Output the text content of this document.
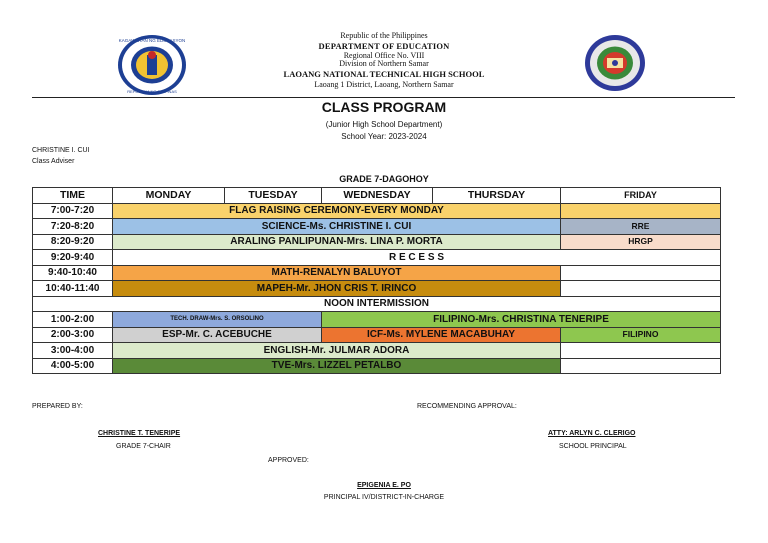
KAGAWARAN NG EDUKASYON
REPUBLIKA NG PILIPINAS
Republic of the Philippines
DEPARTMENT OF EDUCATION
Regional Office No. VIII
Division of Northern Samar
LAOANG NATIONAL TECHNICAL HIGH SCHOOL
Laoang 1 District, Laoang, Northern Samar
CLASS PROGRAM
(Junior High School Department)
School Year: 2023-2024
CHRISTINE I. CUI
Class Adviser
GRADE 7-DAGOHOY
TIME	MONDAY	TUESDAY	WEDNESDAY	THURSDAY	FRIDAY
7:00-7:20	FLAG RAISING CEREMONY-EVERY MONDAY				
7:20-8:20	SCIENCE-Ms. CHRISTINE I. CUI				RRE
8:20-9:20	ARALING PANLIPUNAN-Mrs. LINA P. MORTA				HRGP
9:20-9:40	R E C E S S				
9:40-10:40	MATH-RENALYN BALUYOT				
10:40-11:40	MAPEH-Mr. JHON CRIS T. IRINCO				
NOON INTERMISSION					
1:00-2:00	TECH. DRAW-Mrs. S. ORSOLINO		FILIPINO-Mrs. CHRISTINA TENERIPE		
2:00-3:00	ESP-Mr. C. ACEBUCHE		ICF-Ms. MYLENE MACABUHAY		FILIPINO
3:00-4:00	ENGLISH-Mr. JULMAR ADORA				
4:00-5:00	TVE-Mrs. LIZZEL PETALBO				
PREPARED BY:	RECOMMENDING APPROVAL:
CHRISTINE T. TENERIPE
GRADE 7-CHAIR
ATTY: ARLYN C. CLERIGO
SCHOOL PRINCIPAL
APPROVED:
EPIGENIA E. PO
PRINCIPAL IV/DISTRICT-IN-CHARGE
